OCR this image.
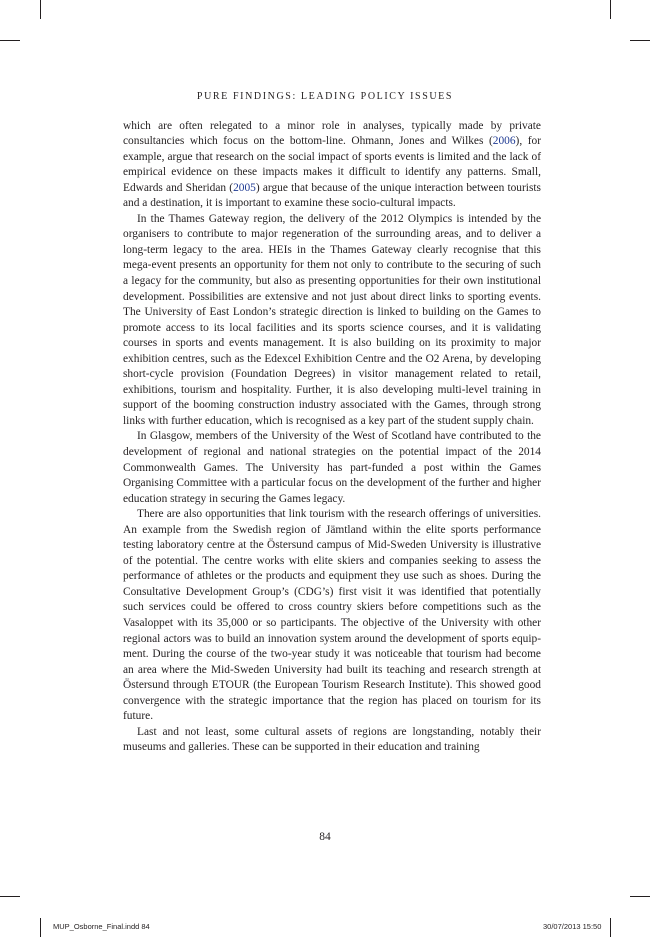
PURE FINDINGS: LEADING POLICY ISSUES

which are often relegated to a minor role in analyses, typically made by private consultancies which focus on the bottom-line. Ohmann, Jones and Wilkes (2006), for example, argue that research on the social impact of sports events is limited and the lack of empirical evidence on these impacts makes it difficult to identify any patterns. Small, Edwards and Sheridan (2005) argue that because of the unique interaction between tourists and a destination, it is important to examine these socio-cultural impacts.

In the Thames Gateway region, the delivery of the 2012 Olympics is intended by the organisers to contribute to major regeneration of the surrounding areas, and to deliver a long-term legacy to the area. HEIs in the Thames Gateway clearly recognise that this mega-event presents an opportunity for them not only to contribute to the securing of such a legacy for the community, but also as presenting opportunities for their own institutional development. Possibilities are extensive and not just about direct links to sporting events. The University of East London’s strategic direction is linked to building on the Games to promote access to its local facilities and its sports science courses, and it is validating courses in sports and events management. It is also building on its proximity to major exhibition centres, such as the Edexcel Exhibition Centre and the O2 Arena, by developing short-cycle provision (Foundation Degrees) in visitor management related to retail, exhibitions, tourism and hospitality. Further, it is also developing multi-level training in support of the booming construction industry associated with the Games, through strong links with further education, which is recognised as a key part of the student supply chain.

In Glasgow, members of the University of the West of Scotland have contributed to the development of regional and national strategies on the potential impact of the 2014 Commonwealth Games. The University has part-funded a post within the Games Organising Committee with a particular focus on the development of the further and higher education strategy in securing the Games legacy.

There are also opportunities that link tourism with the research offerings of universities. An example from the Swedish region of Jämtland within the elite sports performance testing laboratory centre at the Östersund campus of Mid-Sweden University is illustrative of the potential. The centre works with elite skiers and companies seeking to assess the performance of athletes or the products and equipment they use such as shoes. During the Consultative Development Group’s (CDG’s) first visit it was identified that potentially such services could be offered to cross country skiers before competitions such as the Vasaloppet with its 35,000 or so participants. The objective of the University with other regional actors was to build an innovation system around the development of sports equipment. During the course of the two-year study it was noticeable that tourism had become an area where the Mid-Sweden University had built its teaching and research strength at Östersund through ETOUR (the European Tourism Research Institute). This showed good convergence with the strategic importance that the region has placed on tourism for its future.

Last and not least, some cultural assets of regions are longstanding, notably their museums and galleries. These can be supported in their education and training

84
MUP_Osborne_Final.indd 84	30/07/2013 15:50
